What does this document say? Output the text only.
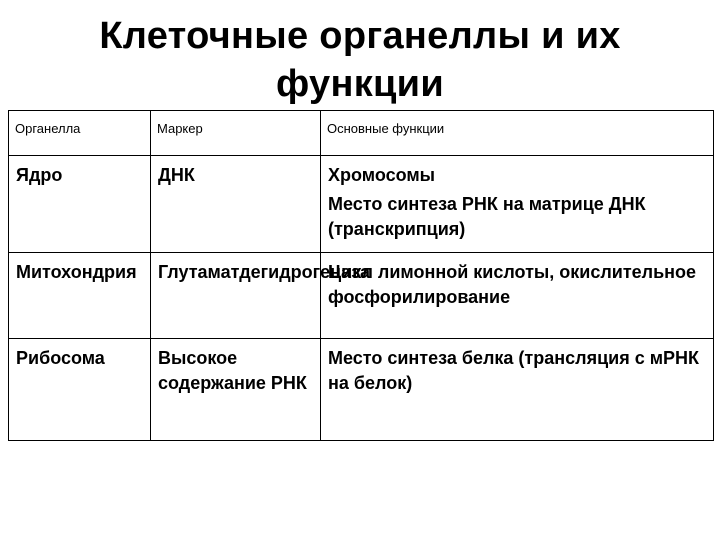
Клеточные органеллы и их
функции
Органелла	Маркер	Основные функции

Ядро	ДНК	Хромосомы
Место синтеза РНК на матрице ДНК (транскрипция)

Митохондрия	Глутаматдегидрогеназа	Цикл лимонной кислоты, окислительное фосфорилирование

Рибосома	Высокое содержание РНК	Место синтеза белка (трансляция с мРНК на белок)
